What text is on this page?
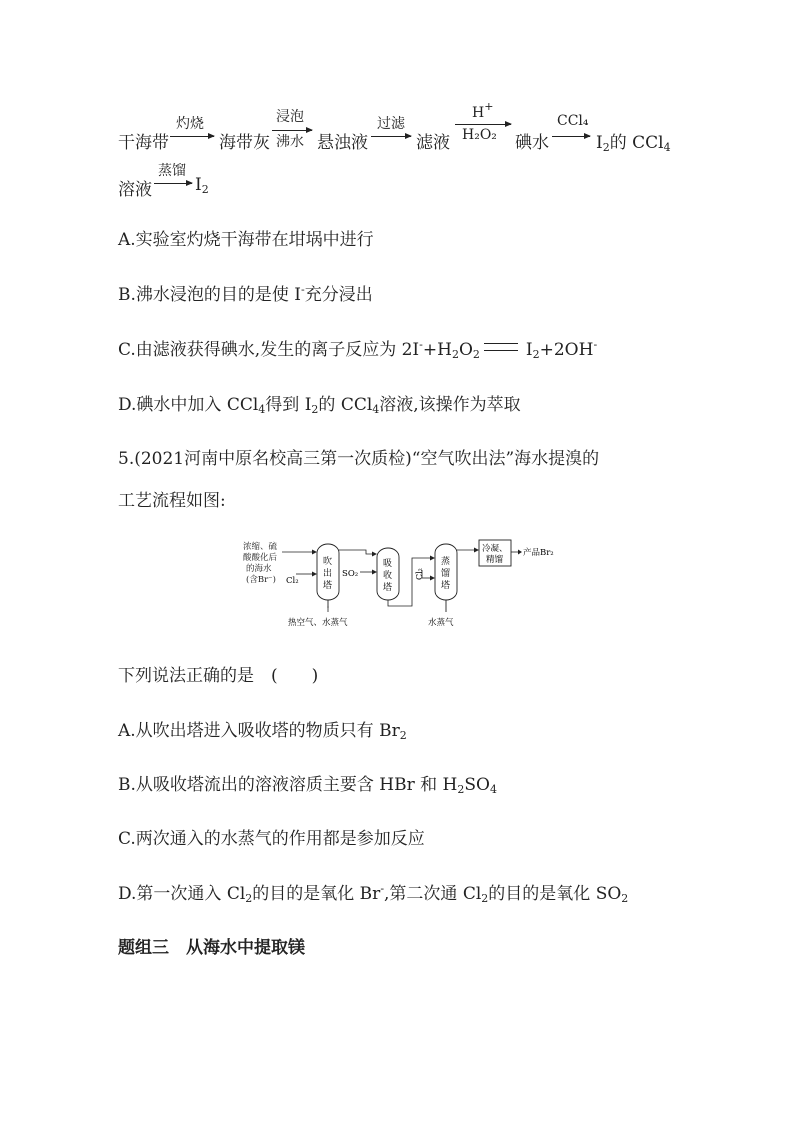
干海带
灼烧
海带灰
浸泡
沸水 悬浊液
过滤
滤液
H+
H₂O₂ 碘水
CCl₄
$I_2$的 CCl$_4$
溶液
蒸馏
$I_2$
A.实验室灼烧干海带在坩埚中进行
B.沸水浸泡的目的是使 I-充分浸出
C.由滤液获得碘水,发生的离子反应为 $2I^-+H_2O_2$	$I_2+2OH^-$
D.碘水中加入 CCl$_4$得到 $I_2$的 CCl$_4$溶液,该操作为萃取
5.(2021河南中原名校高三第一次质检)“空气吹出法”海水提溴的
工艺流程如图:
浓缩、硫
酸酸化后
的海水
(含Br⁻) Cl₂
吹
出
塔
热空气、水蒸气
SO₂
吸
收
塔
Cl₂
蒸
馏
塔
水蒸气
冷凝、
精馏
产品Br₂
下列说法正确的是　(　　)
A.从吹出塔进入吸收塔的物质只有 $Br_2$
B.从吸收塔流出的溶液溶质主要含 HBr 和 $H_2SO_4$
C.两次通入的水蒸气的作用都是参加反应
D.第一次通入 $Cl_2$的目的是氧化 Br-,第二次通 $Cl_2$的目的是氧化 $SO_2$
题组三　从海水中提取镁
